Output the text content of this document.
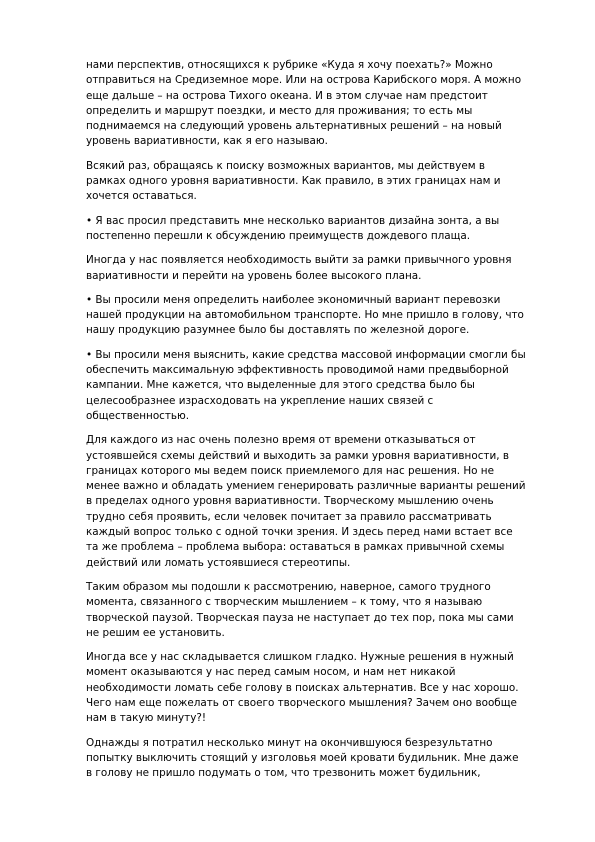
нами перспектив, относящихся к рубрике «Куда я хочу поехать?» Можно
отправиться на Средиземное море. Или на острова Карибского моря. А можно
еще дальше – на острова Тихого океана. И в этом случае нам предстоит
определить и маршрут поездки, и место для проживания; то есть мы
поднимаемся на следующий уровень альтернативных решений – на новый
уровень вариативности, как я его называю.

Всякий раз, обращаясь к поиску возможных вариантов, мы действуем в
рамках одного уровня вариативности. Как правило, в этих границах нам и
хочется оставаться.

• Я вас просил представить мне несколько вариантов дизайна зонта, а вы
постепенно перешли к обсуждению преимуществ дождевого плаща.

Иногда у нас появляется необходимость выйти за рамки привычного уровня
вариативности и перейти на уровень более высокого плана.

• Вы просили меня определить наиболее экономичный вариант перевозки
нашей продукции на автомобильном транспорте. Но мне пришло в голову, что
нашу продукцию разумнее было бы доставлять по железной дороге.

• Вы просили меня выяснить, какие средства массовой информации смогли бы
обеспечить максимальную эффективность проводимой нами предвыборной
кампании. Мне кажется, что выделенные для этого средства было бы
целесообразнее израсходовать на укрепление наших связей с
общественностью.

Для каждого из нас очень полезно время от времени отказываться от
устоявшейся схемы действий и выходить за рамки уровня вариативности, в
границах которого мы ведем поиск приемлемого для нас решения. Но не
менее важно и обладать умением генерировать различные варианты решений
в пределах одного уровня вариативности. Творческому мышлению очень
трудно себя проявить, если человек почитает за правило рассматривать
каждый вопрос только с одной точки зрения. И здесь перед нами встает все
та же проблема – проблема выбора: оставаться в рамках привычной схемы
действий или ломать устоявшиеся стереотипы.

Таким образом мы подошли к рассмотрению, наверное, самого трудного
момента, связанного с творческим мышлением – к тому, что я называю
творческой паузой. Творческая пауза не наступает до тех пор, пока мы сами
не решим ее установить.

Иногда все у нас складывается слишком гладко. Нужные решения в нужный
момент оказываются у нас перед самым носом, и нам нет никакой
необходимости ломать себе голову в поисках альтернатив. Все у нас хорошо.
Чего нам еще пожелать от своего творческого мышления? Зачем оно вообще
нам в такую минуту?!

Однажды я потратил несколько минут на окончившуюся безрезультатно
попытку выключить стоящий у изголовья моей кровати будильник. Мне даже
в голову не пришло подумать о том, что трезвонить может будильник,
